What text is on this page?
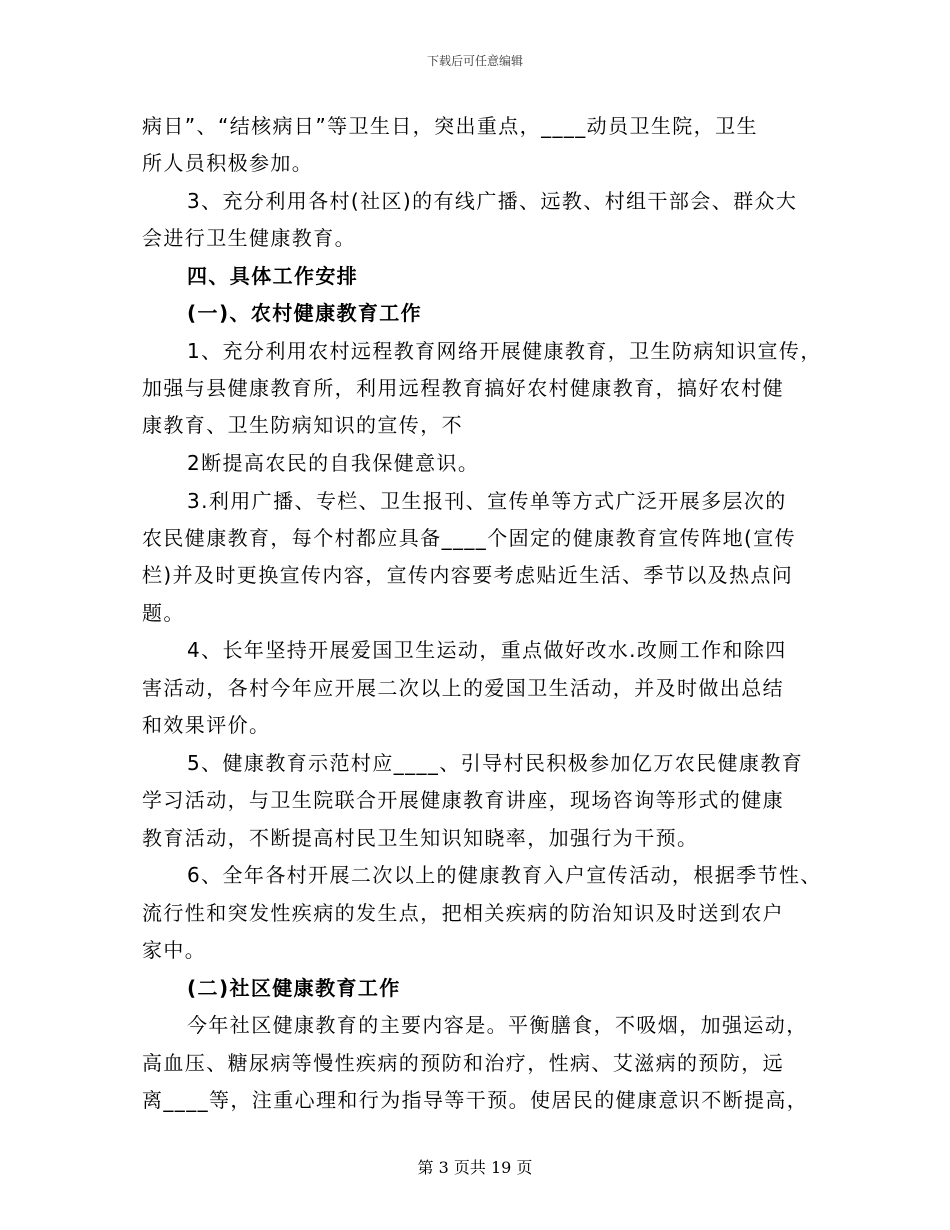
下载后可任意编辑

病日”、“结核病日”等卫生日，突出重点，____动员卫生院，卫生

所人员积极参加。

3、充分利用各村(社区)的有线广播、远教、村组干部会、群众大

会进行卫生健康教育。

四、具体工作安排

(一)、农村健康教育工作

1、充分利用农村远程教育网络开展健康教育，卫生防病知识宣传，

加强与县健康教育所，利用远程教育搞好农村健康教育，搞好农村健

康教育、卫生防病知识的宣传，不

2断提高农民的自我保健意识。

3.利用广播、专栏、卫生报刊、宣传单等方式广泛开展多层次的

农民健康教育，每个村都应具备____个固定的健康教育宣传阵地(宣传

栏)并及时更换宣传内容，宣传内容要考虑贴近生活、季节以及热点问

题。

4、长年坚持开展爱国卫生运动，重点做好改水.改厕工作和除四

害活动，各村今年应开展二次以上的爱国卫生活动，并及时做出总结

和效果评价。

5、健康教育示范村应____、引导村民积极参加亿万农民健康教育

学习活动，与卫生院联合开展健康教育讲座，现场咨询等形式的健康

教育活动，不断提高村民卫生知识知晓率，加强行为干预。

6、全年各村开展二次以上的健康教育入户宣传活动，根据季节性、

流行性和突发性疾病的发生点，把相关疾病的防治知识及时送到农户

家中。

(二)社区健康教育工作

今年社区健康教育的主要内容是。平衡膳食，不吸烟，加强运动，

高血压、糖尿病等慢性疾病的预防和治疗，性病、艾滋病的预防，远

离____等，注重心理和行为指导等干预。使居民的健康意识不断提高，

第 3 页共 19 页
